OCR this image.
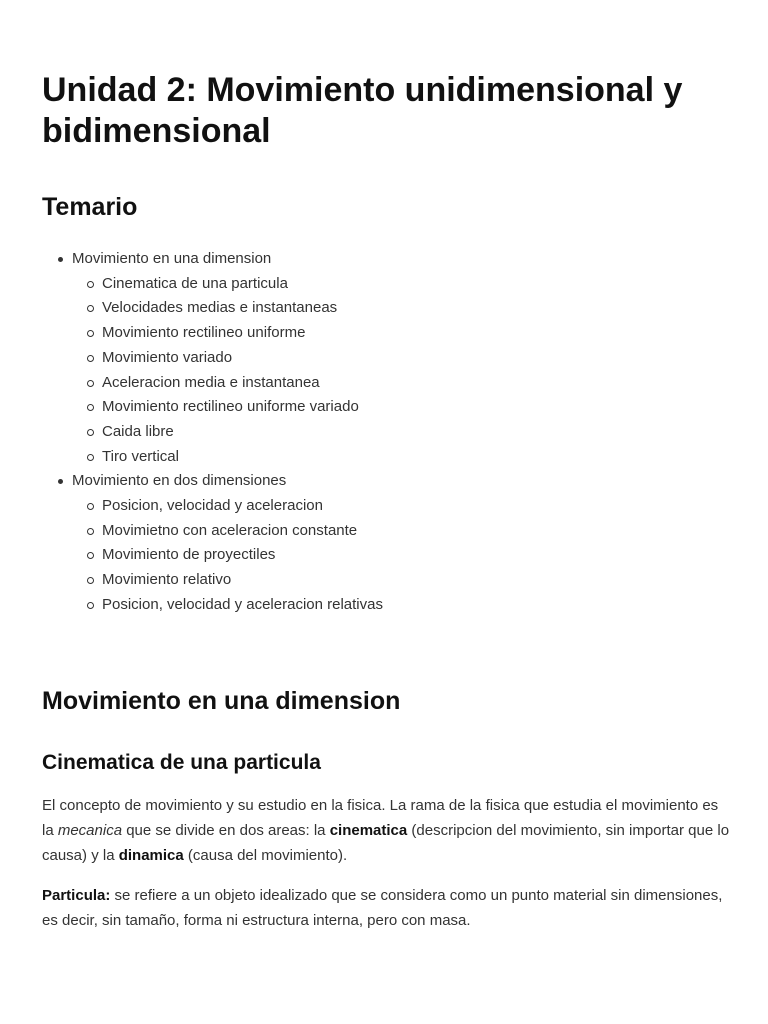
Unidad 2: Movimiento unidimensional y bidimensional
Temario
Movimiento en una dimension
Cinematica de una particula
Velocidades medias e instantaneas
Movimiento rectilineo uniforme
Movimiento variado
Aceleracion media e instantanea
Movimiento rectilineo uniforme variado
Caida libre
Tiro vertical
Movimiento en dos dimensiones
Posicion, velocidad y aceleracion
Movimietno con aceleracion constante
Movimiento de proyectiles
Movimiento relativo
Posicion, velocidad y aceleracion relativas
Movimiento en una dimension
Cinematica de una particula

El concepto de movimiento y su estudio en la fisica. La rama de la fisica que estudia el movimiento es la mecanica que se divide en dos areas: la cinematica (descripcion del movimiento, sin importar que lo causa) y la dinamica (causa del movimiento).

Particula: se refiere a un objeto idealizado que se considera como un punto material sin dimensiones, es decir, sin tamaño, forma ni estructura interna, pero con masa.
